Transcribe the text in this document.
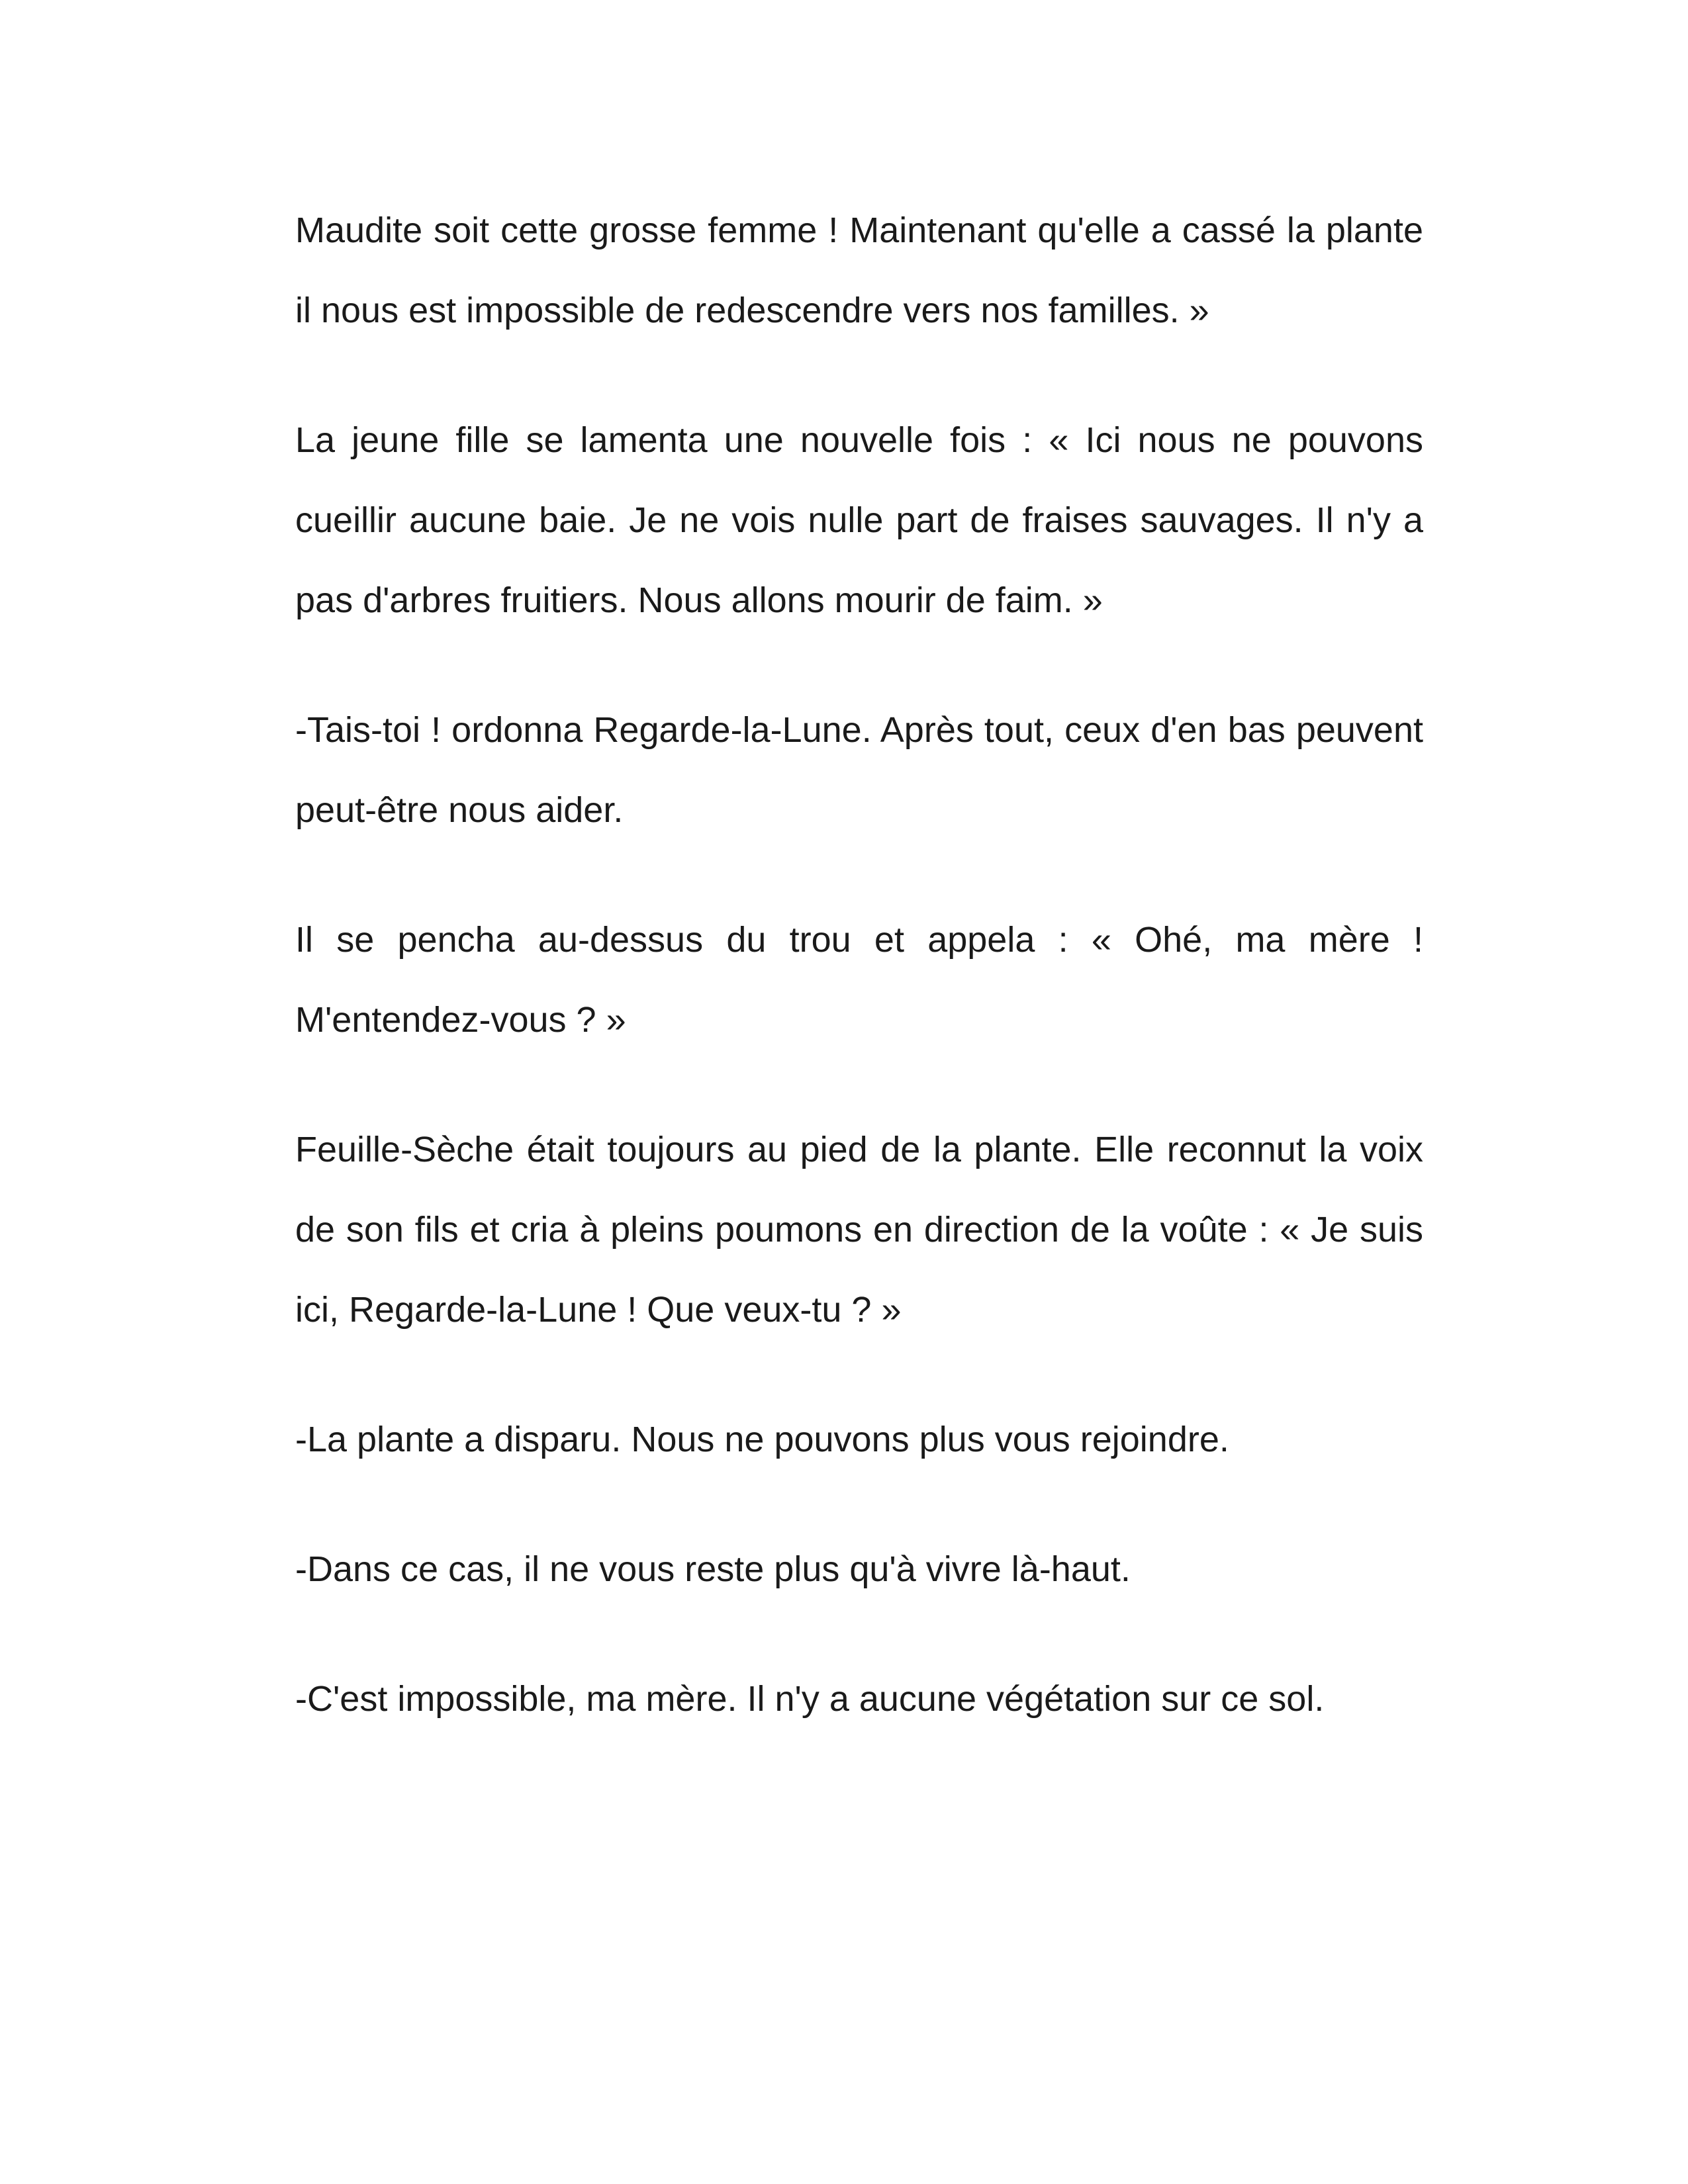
Maudite soit cette grosse femme ! Maintenant qu'elle a cassé la plante il nous est impossible de redescendre vers nos familles. »

La jeune fille se lamenta une nouvelle fois : « Ici nous ne pouvons cueillir aucune baie. Je ne vois nulle part de fraises sauvages. Il n'y a pas d'arbres fruitiers. Nous allons mourir de faim. »

-Tais-toi ! ordonna Regarde-la-Lune. Après tout, ceux d'en bas peuvent peut-être nous aider.

Il se pencha au-dessus du trou et appela : « Ohé, ma mère ! M'entendez-vous ? »

Feuille-Sèche était toujours au pied de la plante. Elle reconnut la voix de son fils et cria à pleins poumons en direction de la voûte : « Je suis ici, Regarde-la-Lune ! Que veux-tu ? »

-La plante a disparu. Nous ne pouvons plus vous rejoindre.

-Dans ce cas, il ne vous reste plus qu'à vivre là-haut.

-C'est impossible, ma mère. Il n'y a aucune végétation sur ce sol.
